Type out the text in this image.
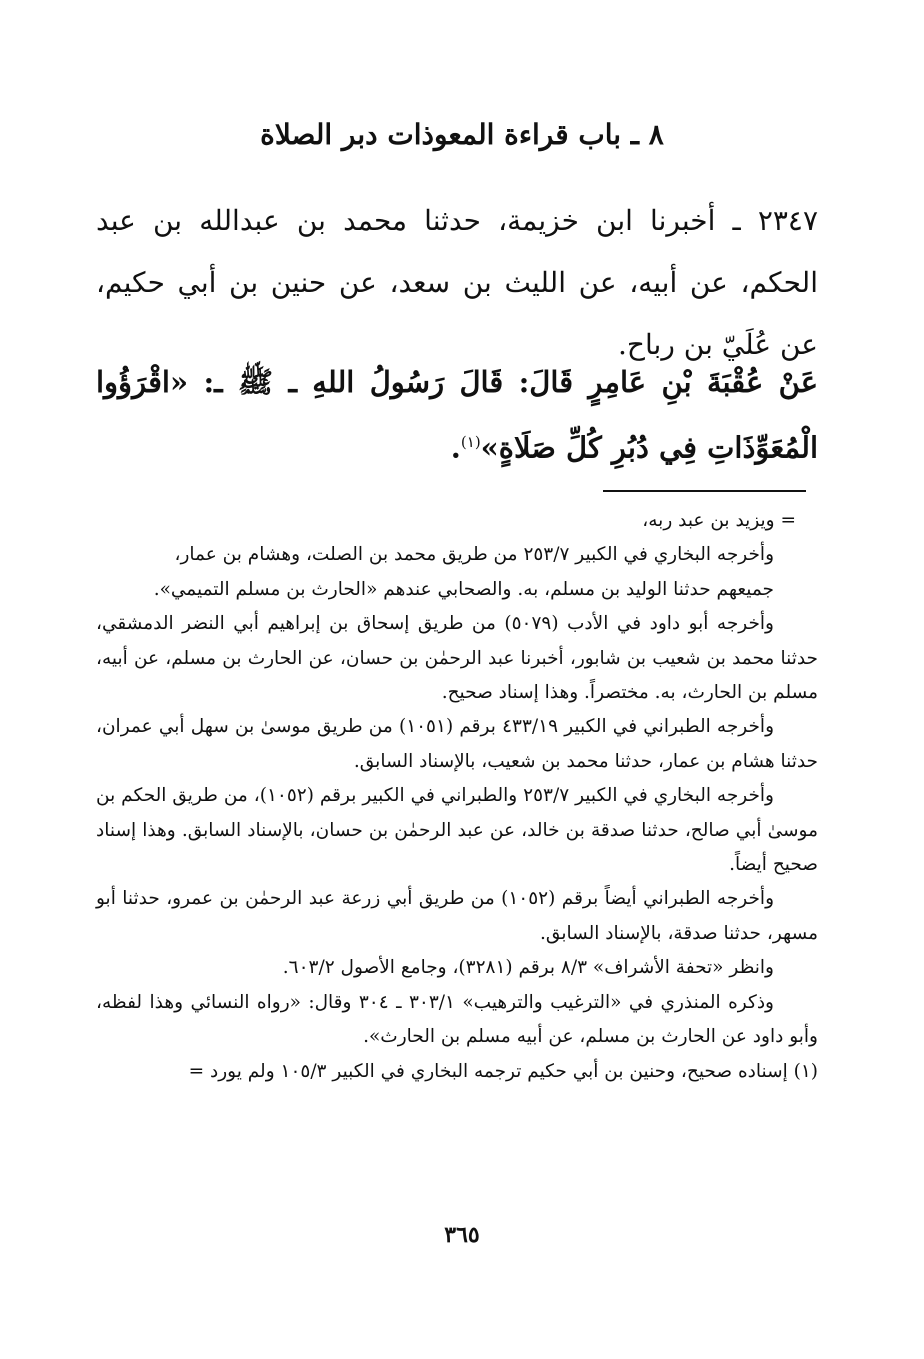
٨ ـ باب قراءة المعوذات دبر الصلاة

٢٣٤٧ ـ أخبرنا ابن خزيمة، حدثنا محمد بن عبدالله بن عبد الحكم، عن أبيه، عن الليث بن سعد، عن حنين بن أبي حكيم، عن عُلَيّ بن رباح.

عَنْ عُقْبَةَ بْنِ عَامِرٍ قَالَ: قَالَ رَسُولُ اللهِ ـ ﷺ ـ: «اقْرَؤُوا الْمُعَوِّذَاتِ فِي دُبُرِ كُلِّ صَلَاةٍ»$^{(١)}$.

= ويزيد بن عبد ربه،

وأخرجه البخاري في الكبير ٢٥٣/٧ من طريق محمد بن الصلت، وهشام بن عمار،

جميعهم حدثنا الوليد بن مسلم، به. والصحابي عندهم «الحارث بن مسلم التميمي».

وأخرجه أبو داود في الأدب (٥٠٧٩) من طريق إسحاق بن إبراهيم أبي النضر الدمشقي، حدثنا محمد بن شعيب بن شابور، أخبرنا عبد الرحمٰن بن حسان، عن الحارث بن مسلم، عن أبيه، مسلم بن الحارث، به. مختصراً. وهذا إسناد صحيح.

وأخرجه الطبراني في الكبير ٤٣٣/١٩ برقم (١٠٥١) من طريق موسىٰ بن سهل أبي عمران، حدثنا هشام بن عمار، حدثنا محمد بن شعيب، بالإسناد السابق.

وأخرجه البخاري في الكبير ٢٥٣/٧ والطبراني في الكبير برقم (١٠٥٢)، من طريق الحكم بن موسىٰ أبي صالح، حدثنا صدقة بن خالد، عن عبد الرحمٰن بن حسان، بالإسناد السابق. وهذا إسناد صحيح أيضاً.

وأخرجه الطبراني أيضاً برقم (١٠٥٢) من طريق أبي زرعة عبد الرحمٰن بن عمرو، حدثنا أبو مسهر، حدثنا صدقة، بالإسناد السابق.

وانظر «تحفة الأشراف» ٨/٣ برقم (٣٢٨١)، وجامع الأصول ٦٠٣/٢.

وذكره المنذري في «الترغيب والترهيب» ٣٠٣/١ ـ ٣٠٤ وقال: «رواه النسائي وهذا لفظه، وأبو داود عن الحارث بن مسلم، عن أبيه مسلم بن الحارث».

(١) إسناده صحيح، وحنين بن أبي حكيم ترجمه البخاري في الكبير ١٠٥/٣ ولم يورد =

٣٦٥
